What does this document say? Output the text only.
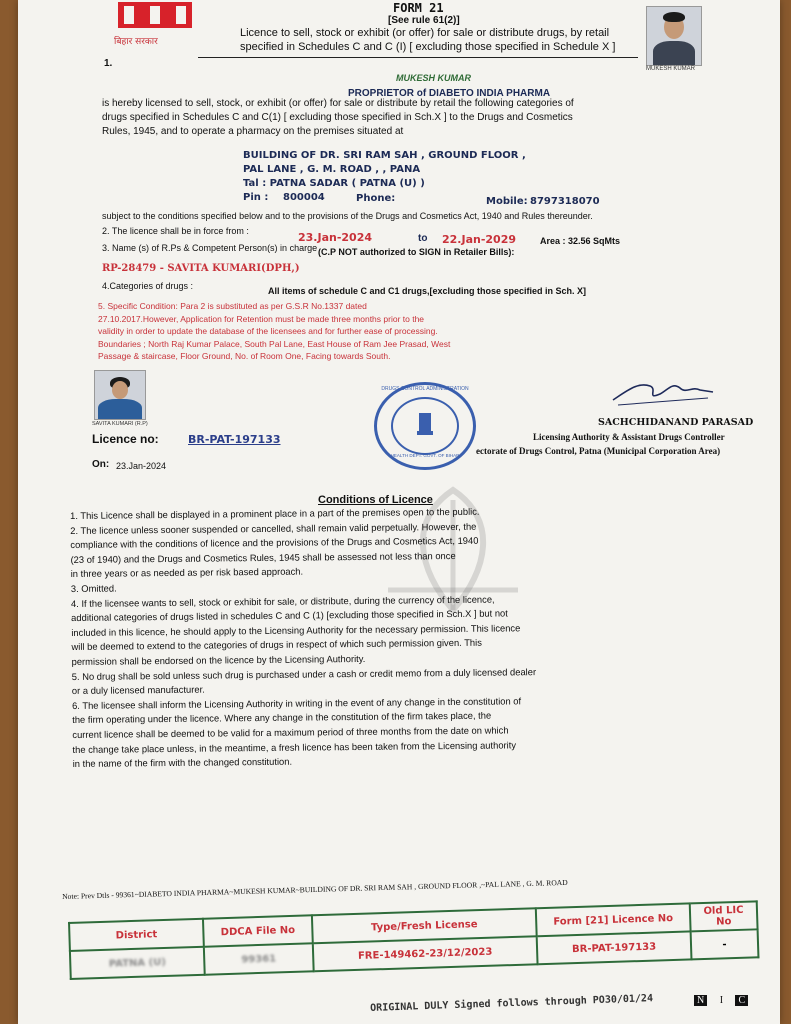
बिहार सरकार
FORM 21
[See rule 61(2)]
Licence to sell, stock or exhibit (or offer) for sale or distribute drugs, by retail
specified in Schedules C and C (I) [ excluding those specified in Schedule X ]
1.	MUKESH KUMAR
MUKESH KUMAR
PROPRIETOR of DIABETO INDIA PHARMA
is hereby licensed to sell, stock, or exhibit (or offer) for sale or distribute by retail the following categories of
drugs specified in Schedules C and C(1) [ excluding those specified in Sch.X ] to the Drugs and Cosmetics
Rules, 1945, and to operate a pharmacy on the premises situated at
BUILDING OF DR. SRI RAM SAH , GROUND FLOOR ,
PAL LANE , G. M. ROAD , , PANA
Tal : PATNA SADAR ( PATNA (U) )
Pin : 800004	Phone:	Mobile: 8797318070
subject to the conditions specified below and to the provisions of the Drugs and Cosmetics Act, 1940 and Rules thereunder.
2. The licence shall be in force from :	23.Jan-2024	to 22.Jan-2029	Area : 32.56 SqMts
3. Name (s) of R.Ps & Competent Person(s) in charge (C.P NOT authorized to SIGN in Retailer Bills):
RP-28479 - SAVITA KUMARI(DPH,)
4.Categories of drugs :	All items of schedule C and C1 drugs,[excluding those specified in Sch. X]
5. Specific Condition: Para 2 is substituted as per G.S.R No.1337 dated
27.10.2017.However, Application for Retention must be made three months prior to the
validity in order to update the database of the licensees and for further ease of processing.
Boundaries ; North Raj Kumar Palace, South Pal Lane, East House of Ram Jee Prasad, West
Passage & staircase, Floor Ground, No. of Room One, Facing towards South.
SAVITA KUMARI (R.P)
Licence no:	BR-PAT-197133
On: 23.Jan-2024
DRUGS CONTROL ADMINISTRATION
HEALTH DEPT. GOVT. OF BIHAR
SACHCHIDANAND PARASAD
Licensing Authority & Assistant Drugs Controller
ectorate of Drugs Control, Patna (Municipal Corporation Area)
Conditions of Licence

1. This Licence shall be displayed in a prominent place in a part of the premises open to the public.

2. The licence unless sooner suspended or cancelled, shall remain valid perpetually. However, the

compliance with the conditions of licence and the provisions of the Drugs and Cosmetics Act, 1940

(23 of 1940) and the Drugs and Cosmetics Rules, 1945 shall be assessed not less than once

in three years or as needed as per risk based approach.

3. Omitted.

4. If the licensee wants to sell, stock or exhibit for sale, or distribute, during the currency of the licence,

additional categories of drugs listed in schedules C and C (1) [excluding those specified in Sch.X ] but not

included in this licence, he should apply to the Licensing Authority for the necessary permission. This licence

will be deemed to extend to the categories of drugs in respect of which such permission given. This

permission shall be endorsed on the licence by the Licensing Authority.

5. No drug shall be sold unless such drug is purchased under a cash or credit memo from a duly licensed dealer

or a duly licensed manufacturer.

6. The licensee shall inform the Licensing Authority in writing in the event of any change in the constitution of

the firm operating under the licence. Where any change in the constitution of the firm takes place, the

current licence shall be deemed to be valid for a maximum period of three months from the date on which

the change take place unless, in the meantime, a fresh licence has been taken from the Licensing authority

in the name of the firm with the changed constitution.

Note: Prev Dtls - 99361~DIABETO INDIA PHARMA~MUKESH KUMAR~BUILDING OF DR. SRI RAM SAH , GROUND FLOOR ,~PAL LANE , G. M. ROAD
District	DDCA File No	Type/Fresh License	Form [21] Licence No	Old LIC No
PATNA (U)	99361	FRE-149462-23/12/2023	BR-PAT-197133	-
ORIGINAL DULY Signed follows through PO30/01/24	N I C
